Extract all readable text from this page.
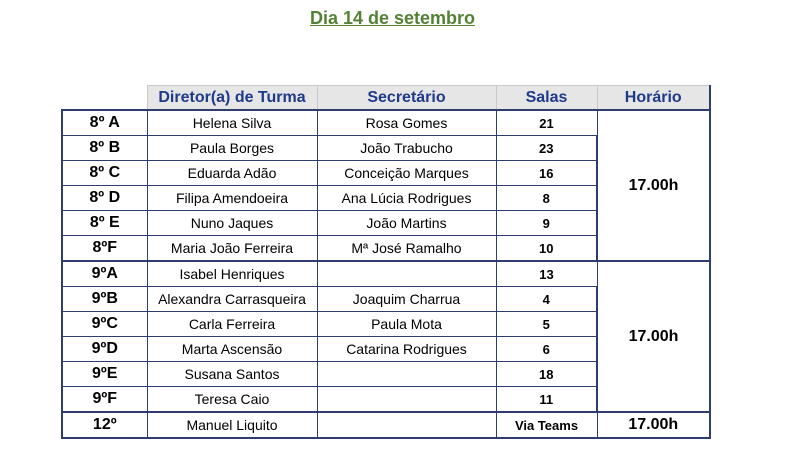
Dia 14 de setembro
	Diretor(a) de Turma	Secretário	Salas	Horário
8º A	Helena Silva	Rosa Gomes	21	17.00h
8º B	Paula Borges	João Trabucho	23	
8º C	Eduarda Adão	Conceição Marques	16	
8º D	Filipa Amendoeira	Ana Lúcia Rodrigues	8	
8º E	Nuno Jaques	João Martins	9	
8ºF	Maria João Ferreira	Mª José Ramalho	10	
9ºA	Isabel Henriques		13	17.00h
9ºB	Alexandra Carrasqueira	Joaquim Charrua	4	
9ºC	Carla Ferreira	Paula Mota	5	
9ºD	Marta Ascensão	Catarina Rodrigues	6	
9ºE	Susana Santos		18	
9ºF	Teresa Caio		11	
12º	Manuel Liquito		Via Teams	17.00h
